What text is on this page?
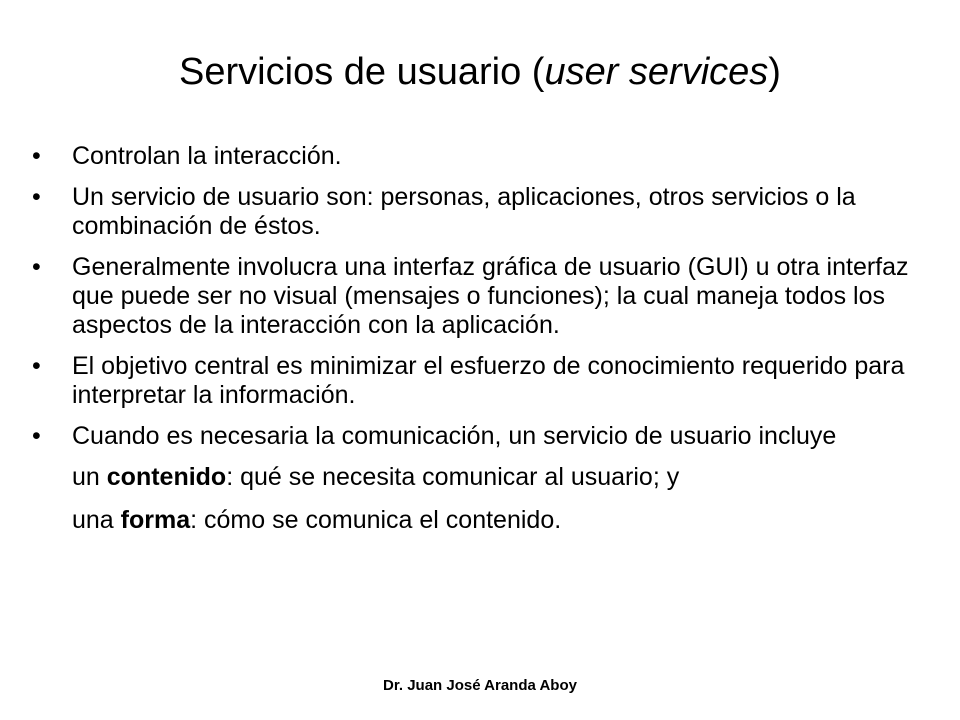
Servicios de usuario (user services)
• Controlan la interacción.
• Un servicio de usuario son: personas, aplicaciones, otros servicios o la combinación de éstos.
• Generalmente involucra una interfaz gráfica de usuario (GUI) u otra interfaz que puede ser no visual (mensajes o funciones); la cual maneja todos los aspectos de la interacción con la aplicación.
• El objetivo central es minimizar el esfuerzo de conocimiento requerido para interpretar la información.
• Cuando es necesaria la comunicación, un servicio de usuario incluye
un contenido: qué se necesita comunicar al usuario; y
una forma: cómo se comunica el contenido.
Dr. Juan José Aranda Aboy
